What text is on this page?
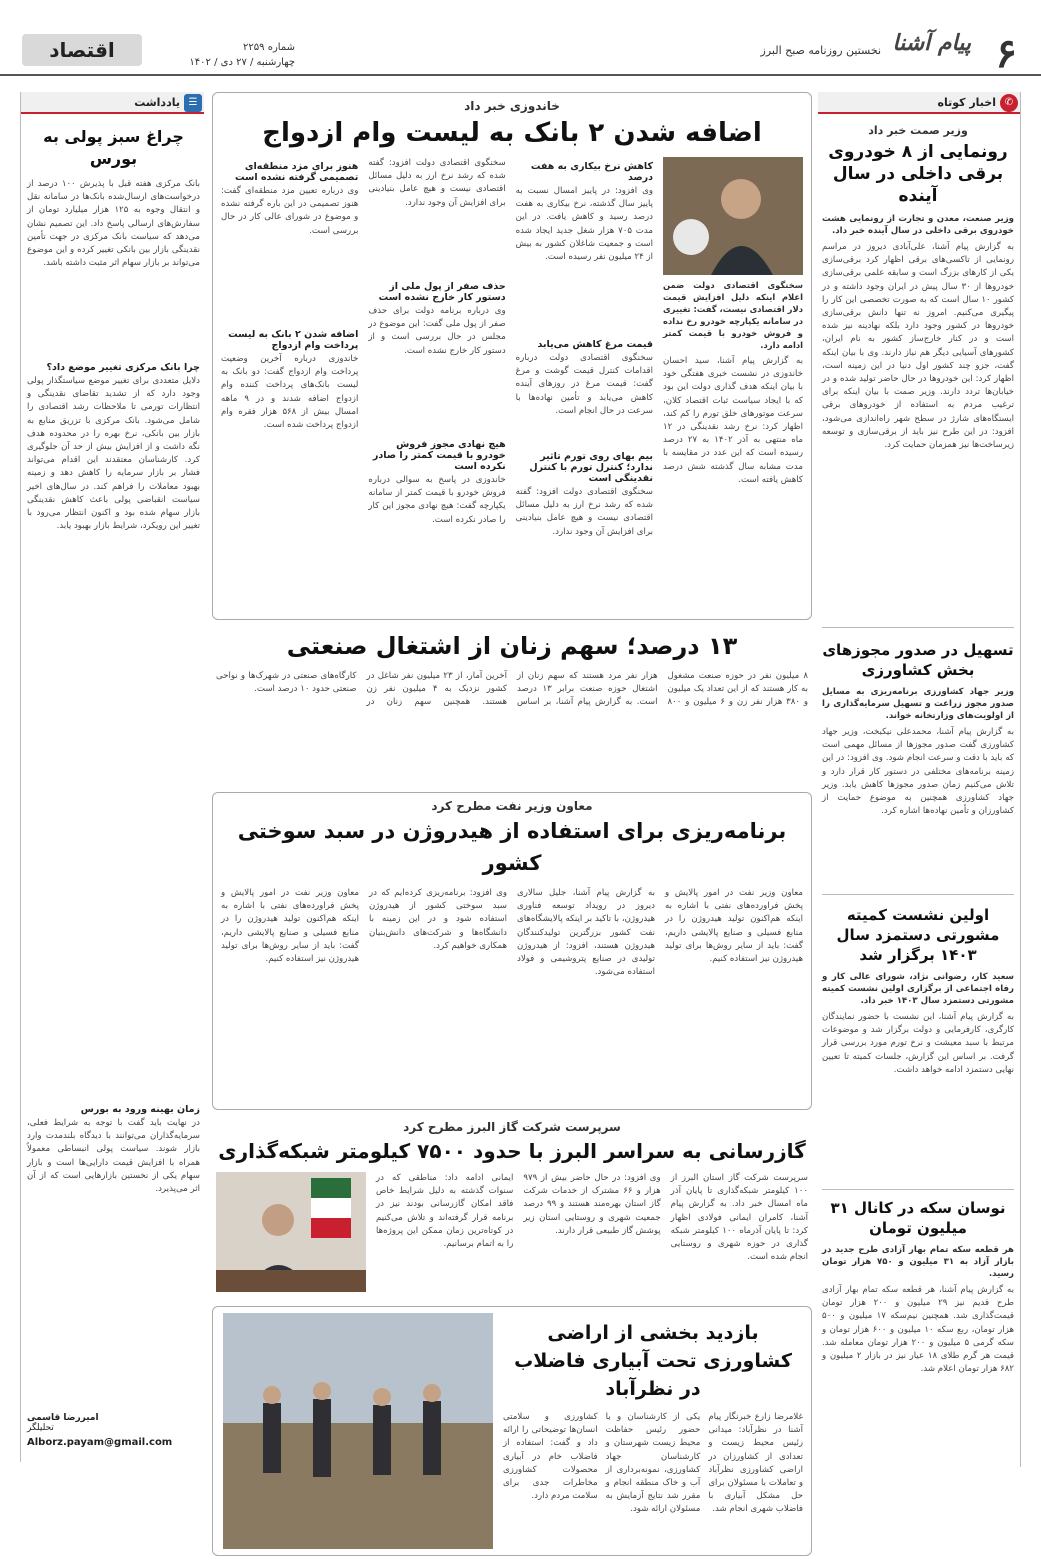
۶
پیام آشنا
نخستین روزنامه صبح البرز
شماره ۲۲۵۹
چهارشنبه / ۲۷ دی / ۱۴۰۲
اقتصاد
✆
اخبار کوتاه
وزیر صمت خبر داد
رونمایی از ۸ خودروی برقی داخلی در سال آینده
وزیر صنعت، معدن و تجارت از رونمایی هشت خودروی برقی داخلی در سال آینده خبر داد.
به گزارش پیام آشنا، علی‌آبادی دیروز در مراسم رونمایی از تاکسی‌های برقی اظهار کرد برقی‌سازی یکی از کارهای بزرگ است و سابقه علمی برقی‌سازی خودروها از ۳۰ سال پیش در ایران وجود داشته و در کشور ۱۰ سال است که به صورت تخصصی این کار را پیگیری می‌کنیم. امروز نه تنها دانش برقی‌سازی خودروها در کشور وجود دارد بلکه نهادینه نیز شده است و در کنار خارج‌ساز کشور به نام ایران، کشورهای آسیایی دیگر هم نیاز دارند. وی با بیان اینکه گفت، جزو چند کشور اول دنیا در این زمینه است، اظهار کرد: این خودروها در حال حاضر تولید شده و در خیابان‌ها تردد دارند. وزیر صمت با بیان اینکه برای ترغیب مردم به استفاده از خودروهای برقی ایستگاه‌های شارژ در سطح شهر راه‌اندازی می‌شود، افزود: در این طرح نیز باید از برقی‌سازی و توسعه زیرساخت‌ها نیز همزمان حمایت کرد.
تسهیل در صدور مجوزهای بخش کشاورزی
وزیر جهاد کشاورزی برنامه‌ریزی به مسایل صدور مجوز زراعت و تسهیل سرمایه‌گذاری را از اولویت‌های وزارتخانه خواند.
به گزارش پیام آشنا، محمدعلی نیکبخت، وزیر جهاد کشاورزی گفت صدور مجوزها از مسائل مهمی است که باید با دقت و سرعت انجام شود. وی افزود: در این زمینه برنامه‌های مختلفی در دستور کار قرار دارد و تلاش می‌کنیم زمان صدور مجوزها کاهش یابد. وزیر جهاد کشاورزی همچنین به موضوع حمایت از کشاورزان و تأمین نهاده‌ها اشاره کرد.
اولین نشست کمیته مشورتی دستمزد سال ۱۴۰۳ برگزار شد
سعید کار، رضوانی نژاد، شورای عالی کار و رفاه اجتماعی از برگزاری اولین نشست کمیته مشورتی دستمزد سال ۱۴۰۳ خبر داد.
به گزارش پیام آشنا، این نشست با حضور نمایندگان کارگری، کارفرمایی و دولت برگزار شد و موضوعات مرتبط با سبد معیشت و نرخ تورم مورد بررسی قرار گرفت. بر اساس این گزارش، جلسات کمیته تا تعیین نهایی دستمزد ادامه خواهد داشت.
نوسان سکه در کانال ۳۱ میلیون تومان
هر قطعه سکه تمام بهار آزادی طرح جدید در بازار آزاد به ۳۱ میلیون و ۷۵۰ هزار تومان رسید.
به گزارش پیام آشنا، هر قطعه سکه تمام بهار آزادی طرح قدیم نیز ۲۹ میلیون و ۲۰۰ هزار تومان قیمت‌گذاری شد. همچنین نیم‌سکه ۱۷ میلیون و ۵۰۰ هزار تومان، ربع سکه ۱۰ میلیون و ۶۰۰ هزار تومان و سکه گرمی ۵ میلیون و ۲۰۰ هزار تومان معامله شد. قیمت هر گرم طلای ۱۸ عیار نیز در بازار ۲ میلیون و ۶۸۲ هزار تومان اعلام شد.
☰
یادداشت
چراغ سبز پولی به بورس
بانک مرکزی هفته قبل با پذیرش ۱۰۰ درصد از درخواست‌های ارسال‌شده بانک‌ها در سامانه نقل و انتقال وجوه به ۱۲۵ هزار میلیارد تومان از سفارش‌های ارسالی پاسخ داد. این تصمیم نشان می‌دهد که سیاست بانک مرکزی در جهت تأمین نقدینگی بازار بین بانکی تغییر کرده و این موضوع می‌تواند بر بازار سهام اثر مثبت داشته باشد.
چرا بانک مرکزی تغییر موضع داد؟
دلایل متعددی برای تغییر موضع سیاستگذار پولی وجود دارد که از تشدید تقاضای نقدینگی و انتظارات تورمی تا ملاحظات رشد اقتصادی را شامل می‌شود. بانک مرکزی با تزریق منابع به بازار بین بانکی، نرخ بهره را در محدوده هدف نگه داشت و از افزایش بیش از حد آن جلوگیری کرد. کارشناسان معتقدند این اقدام می‌تواند فشار بر بازار سرمایه را کاهش دهد و زمینه بهبود معاملات را فراهم کند. در سال‌های اخیر سیاست انقباضی پولی باعث کاهش نقدینگی بازار سهام شده بود و اکنون انتظار می‌رود با تغییر این رویکرد، شرایط بازار بهبود یابد.
زمان بهینه ورود به بورس
در نهایت باید گفت با توجه به شرایط فعلی، سرمایه‌گذاران می‌توانند با دیدگاه بلندمدت وارد بازار شوند. سیاست پولی انبساطی معمولاً همراه با افزایش قیمت دارایی‌ها است و بازار سهام یکی از نخستین بازارهایی است که از آن اثر می‌پذیرد.
امیررضا قاسمی
تحلیلگر
Alborz.payam@gmail.com
خاندوزی خبر داد
اضافه شدن ۲ بانک به لیست وام ازدواج
سخنگوی اقتصادی دولت ضمن اعلام اینکه دلیل افزایش قیمت دلار اقتصادی نیست، گفت: تغییری در سامانه یکپارچه خودرو رخ نداده و فروش خودرو با قیمت کمتر ادامه دارد.
به گزارش پیام آشنا، سید احسان خاندوزی در نشست خبری هفتگی خود با بیان اینکه هدف گذاری دولت این بود که با ایجاد سیاست ثبات اقتصاد کلان، سرعت موتورهای خلق تورم را کم کند، اظهار کرد: نرخ رشد نقدینگی در ۱۲ ماه منتهی به آذر ۱۴۰۲ به ۲۷ درصد رسیده است که این عدد در مقایسه با مدت مشابه سال گذشته شش درصد کاهش یافته است.
کاهش نرخ بیکاری به هفت درصد
وی افزود: در پاییز امسال نسبت به پاییز سال گذشته، نرخ بیکاری به هفت درصد رسید و کاهش یافت. در این مدت ۷۰۵ هزار شغل جدید ایجاد شده است و جمعیت شاغلان کشور به بیش از ۲۴ میلیون نفر رسیده است.
قیمت مرغ کاهش می‌یابد
سخنگوی اقتصادی دولت درباره اقدامات کنترل قیمت گوشت و مرغ گفت: قیمت مرغ در روزهای آینده کاهش می‌یابد و تأمین نهاده‌ها با سرعت در حال انجام است.
بیم بهای روی تورم تاثیر ندارد؛ کنترل تورم با کنترل نقدینگی است
سخنگوی اقتصادی دولت افزود: گفته شده که رشد نرخ ارز به دلیل مسائل اقتصادی نیست و هیچ عامل بنیادینی برای افزایش آن وجود ندارد.
سخنگوی اقتصادی دولت افزود: گفته شده که رشد نرخ ارز به دلیل مسائل اقتصادی نیست و هیچ عامل بنیادینی برای افزایش آن وجود ندارد.
حذف صفر از پول ملی از دستور کار خارج نشده است
وی درباره برنامه دولت برای حذف صفر از پول ملی گفت: این موضوع در مجلس در حال بررسی است و از دستور کار خارج نشده است.
هیچ نهادی مجوز فروش خودرو با قیمت کمتر را صادر نکرده است
خاندوزی در پاسخ به سوالی درباره فروش خودرو با قیمت کمتر از سامانه یکپارچه گفت: هیچ نهادی مجوز این کار را صادر نکرده است.
هنوز برای مزد منطقه‌ای تصمیمی گرفته نشده است
وی درباره تعیین مزد منطقه‌ای گفت: هنوز تصمیمی در این باره گرفته نشده و موضوع در شورای عالی کار در حال بررسی است.
اضافه شدن ۲ بانک به لیست پرداخت وام ازدواج
خاندوزی درباره آخرین وضعیت پرداخت وام ازدواج گفت: دو بانک به لیست بانک‌های پرداخت کننده وام ازدواج اضافه شدند و در ۹ ماهه امسال بیش از ۵۶۸ هزار فقره وام ازدواج پرداخت شده است.
۱۳ درصد؛ سهم زنان از اشتغال صنعتی
۸ میلیون نفر در حوزه صنعت مشغول به کار هستند که از این تعداد یک میلیون و ۳۸۰ هزار نفر زن و ۶ میلیون و ۸۰۰ هزار نفر مرد هستند که سهم زنان از اشتغال حوزه صنعت برابر ۱۳ درصد است. به گزارش پیام آشنا، بر اساس آخرین آمار، از ۲۳ میلیون نفر شاغل در کشور نزدیک به ۴ میلیون نفر زن هستند. همچنین سهم زنان در کارگاه‌های صنعتی در شهرک‌ها و نواحی صنعتی حدود ۱۰ درصد است.
معاون وزیر نفت مطرح کرد
برنامه‌ریزی برای استفاده از هیدروژن در سبد سوختی کشور
معاون وزیر نفت در امور پالایش و پخش فراورده‌های نفتی با اشاره به اینکه هم‌اکنون تولید هیدروژن را در منابع فسیلی و صنایع پالایشی داریم، گفت: باید از سایر روش‌ها برای تولید هیدروژن نیز استفاده کنیم.
به گزارش پیام آشنا، جلیل سالاری دیروز در رویداد توسعه فناوری هیدروژن، با تاکید بر اینکه پالایشگاه‌های نفت کشور بزرگترین تولیدکنندگان هیدروژن هستند، افزود: از هیدروژن تولیدی در صنایع پتروشیمی و فولاد استفاده می‌شود.
وی افزود: برنامه‌ریزی کرده‌ایم که در سبد سوختی کشور از هیدروژن استفاده شود و در این زمینه با دانشگاه‌ها و شرکت‌های دانش‌بنیان همکاری خواهیم کرد.
معاون وزیر نفت در امور پالایش و پخش فراورده‌های نفتی با اشاره به اینکه هم‌اکنون تولید هیدروژن را در منابع فسیلی و صنایع پالایشی داریم، گفت: باید از سایر روش‌ها برای تولید هیدروژن نیز استفاده کنیم.
سرپرست شرکت گاز البرز مطرح کرد
گازرسانی به سراسر البرز با حدود ۷۵۰۰ کیلومتر شبکه‌گذاری
سرپرست شرکت گاز استان البرز از ۱۰۰ کیلومتر شبکه‌گذاری تا پایان آذر ماه امسال خبر داد. به گزارش پیام آشنا، کامران ایمانی فولادی اظهار کرد: تا پایان آذرماه ۱۰۰ کیلومتر شبکه گذاری در حوزه شهری و روستایی انجام شده است.
وی افزود: در حال حاضر بیش از ۹۷۹ هزار و ۶۶ مشترک از خدمات شرکت گاز استان بهره‌مند هستند و ۹۹ درصد جمعیت شهری و روستایی استان زیر پوشش گاز طبیعی قرار دارند.
ایمانی ادامه داد: مناطقی که در سنوات گذشته به دلیل شرایط خاص فاقد امکان گازرسانی بودند نیز در برنامه قرار گرفته‌اند و تلاش می‌کنیم در کوتاه‌ترین زمان ممکن این پروژه‌ها را به اتمام برسانیم.
بازدید بخشی از اراضی کشاورزی تحت آبیاری فاضلاب در نظرآباد
غلامرضا زارع خبرنگار پیام آشنا در نظرآباد: میدانی رئیس محیط زیست و تعدادی از کشاورزان در اراضی کشاورزی نظرآباد و تعاملات با مسئولان برای حل مشکل آبیاری با فاضلاب شهری انجام شد.
یکی از کارشناسان و با حضور رئیس حفاظت محیط زیست شهرستان و کارشناسان جهاد کشاورزی، نمونه‌برداری از آب و خاک منطقه انجام و مقرر شد نتایج آزمایش به مسئولان ارائه شود.
کشاورزی و سلامتی انسان‌ها توضیحاتی را ارائه داد و گفت: استفاده از فاضلاب خام در آبیاری محصولات کشاورزی مخاطرات جدی برای سلامت مردم دارد.
